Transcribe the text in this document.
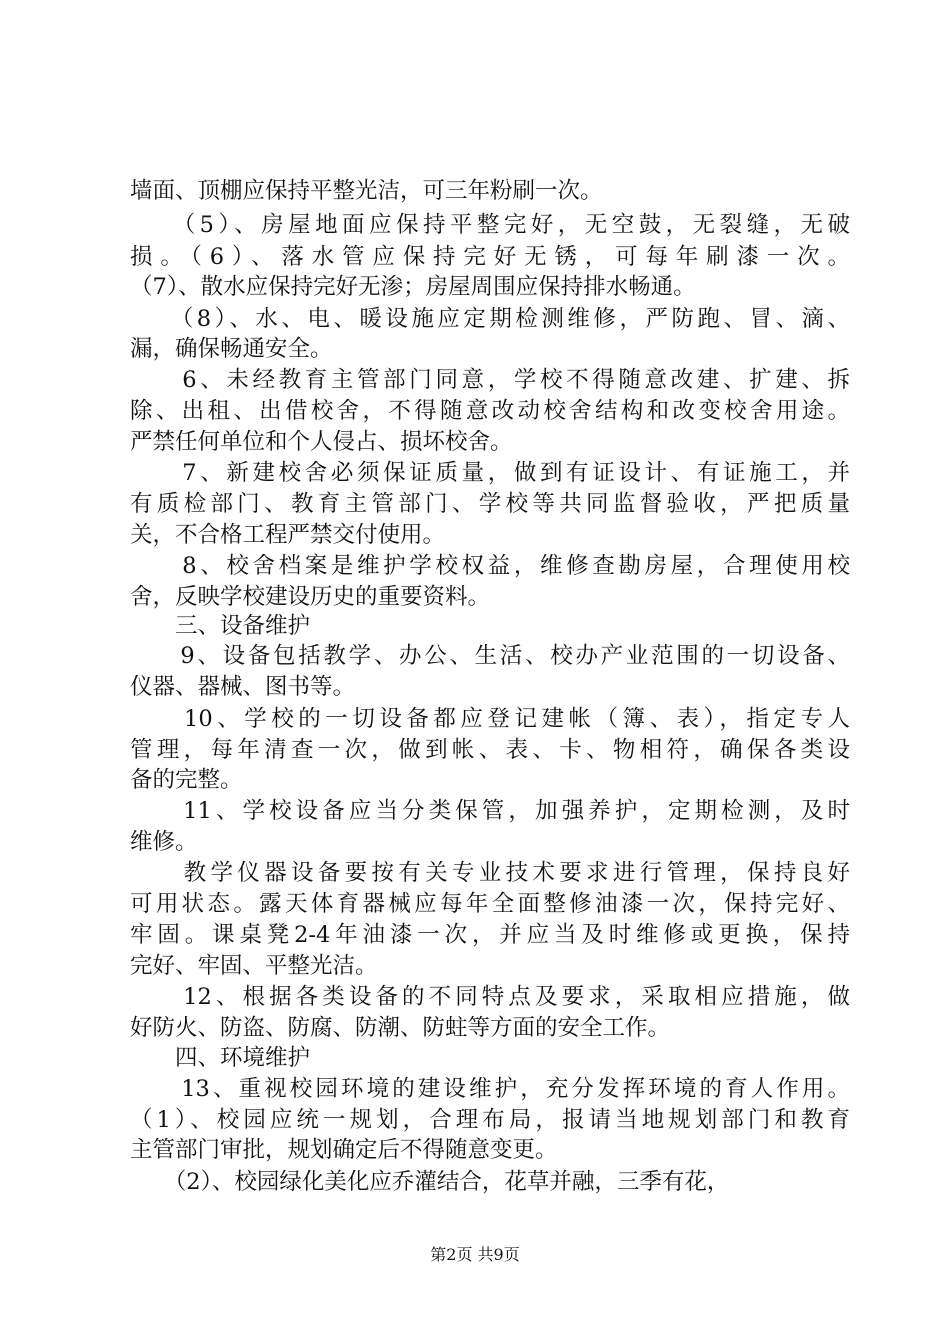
墙面、顶棚应保持平整光洁，可三年粉刷一次。
　　（5）、房屋地面应保持平整完好，无空鼓，无裂缝，无破
损。（6）、落水管应保持完好无锈，可每年刷漆一次。
（7）、散水应保持完好无渗；房屋周围应保持排水畅通。
　　（8）、水、电、暖设施应定期检测维修，严防跑、冒、滴、
漏，确保畅通安全。
　　6、未经教育主管部门同意，学校不得随意改建、扩建、拆
除、出租、出借校舍，不得随意改动校舍结构和改变校舍用途。
严禁任何单位和个人侵占、损坏校舍。
　　7、新建校舍必须保证质量，做到有证设计、有证施工，并
有质检部门、教育主管部门、学校等共同监督验收，严把质量
关，不合格工程严禁交付使用。
　　8、校舍档案是维护学校权益，维修查勘房屋，合理使用校
舍，反映学校建设历史的重要资料。
　　三、设备维护
　　9、设备包括教学、办公、生活、校办产业范围的一切设备、
仪器、器械、图书等。
　　10、学校的一切设备都应登记建帐（簿、表），指定专人
管理，每年清查一次，做到帐、表、卡、物相符，确保各类设
备的完整。
　　11、学校设备应当分类保管，加强养护，定期检测，及时
维修。
　　教学仪器设备要按有关专业技术要求进行管理，保持良好
可用状态。露天体育器械应每年全面整修油漆一次，保持完好、
牢固。课桌凳2-4年油漆一次，并应当及时维修或更换，保持
完好、牢固、平整光洁。
　　12、根据各类设备的不同特点及要求，采取相应措施，做
好防火、防盗、防腐、防潮、防蛀等方面的安全工作。
　　四、环境维护
　　13、重视校园环境的建设维护，充分发挥环境的育人作用。
（1）、校园应统一规划，合理布局，报请当地规划部门和教育
主管部门审批，规划确定后不得随意变更。
　　（2）、校园绿化美化应乔灌结合，花草并融，三季有花，
第2页 共9页
